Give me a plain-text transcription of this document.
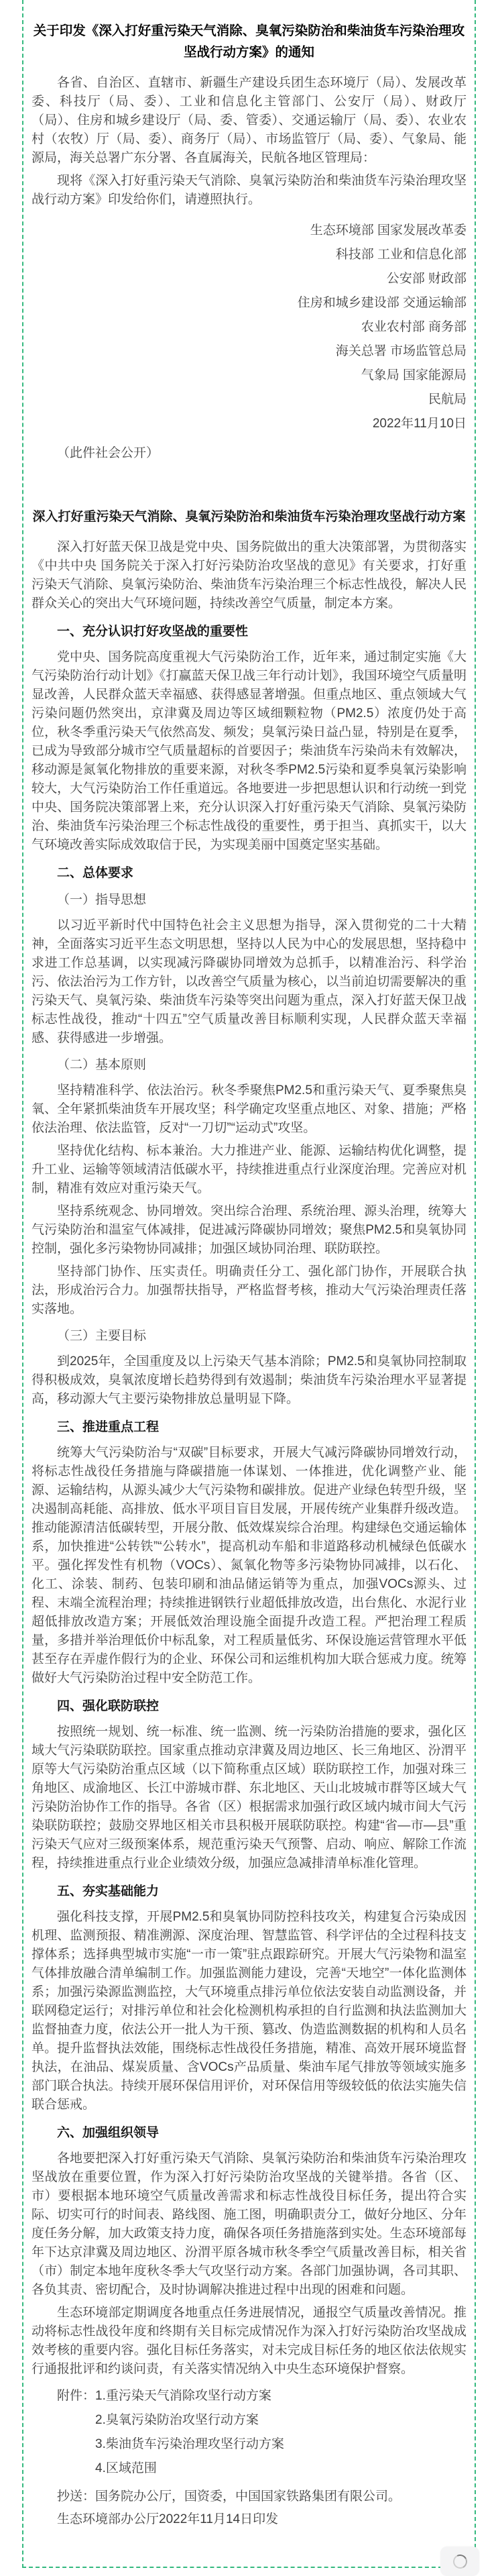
关于印发《深入打好重污染天气消除、臭氧污染防治和柴油货车污染治理攻坚战行动方案》的通知
各省、自治区、直辖市、新疆生产建设兵团生态环境厅（局）、发展改革委、科技厅（局、委）、工业和信息化主管部门、公安厅（局）、财政厅（局）、住房和城乡建设厅（局、委、管委）、交通运输厅（局、委）、农业农村（农牧）厅（局、委）、商务厅（局）、市场监管厅（局、委）、气象局、能源局，海关总署广东分署、各直属海关，民航各地区管理局：
现将《深入打好重污染天气消除、臭氧污染防治和柴油货车污染治理攻坚战行动方案》印发给你们，请遵照执行。
生态环境部 国家发展改革委
科技部 工业和信息化部
公安部 财政部
住房和城乡建设部 交通运输部
农业农村部 商务部
海关总署 市场监管总局
气象局 国家能源局
民航局
2022年11月10日
（此件社会公开）
深入打好重污染天气消除、臭氧污染防治和柴油货车污染治理攻坚战行动方案
深入打好蓝天保卫战是党中央、国务院做出的重大决策部署，为贯彻落实《中共中央 国务院关于深入打好污染防治攻坚战的意见》有关要求，打好重污染天气消除、臭氧污染防治、柴油货车污染治理三个标志性战役，解决人民群众关心的突出大气环境问题，持续改善空气质量，制定本方案。
一、充分认识打好攻坚战的重要性
党中央、国务院高度重视大气污染防治工作，近年来，通过制定实施《大气污染防治行动计划》《打赢蓝天保卫战三年行动计划》，我国环境空气质量明显改善，人民群众蓝天幸福感、获得感显著增强。但重点地区、重点领域大气污染问题仍然突出，京津冀及周边等区域细颗粒物（PM2.5）浓度仍处于高位，秋冬季重污染天气依然高发、频发；臭氧污染日益凸显，特别是在夏季，已成为导致部分城市空气质量超标的首要因子；柴油货车污染尚未有效解决，移动源是氮氧化物排放的重要来源，对秋冬季PM2.5污染和夏季臭氧污染影响较大，大气污染防治工作任重道远。各地要进一步把思想认识和行动统一到党中央、国务院决策部署上来，充分认识深入打好重污染天气消除、臭氧污染防治、柴油货车污染治理三个标志性战役的重要性，勇于担当、真抓实干，以大气环境改善实际成效取信于民，为实现美丽中国奠定坚实基础。
二、总体要求
（一）指导思想
以习近平新时代中国特色社会主义思想为指导，深入贯彻党的二十大精神，全面落实习近平生态文明思想，坚持以人民为中心的发展思想，坚持稳中求进工作总基调，以实现减污降碳协同增效为总抓手，以精准治污、科学治污、依法治污为工作方针，以改善空气质量为核心，以当前迫切需要解决的重污染天气、臭氧污染、柴油货车污染等突出问题为重点，深入打好蓝天保卫战标志性战役，推动“十四五”空气质量改善目标顺利实现，人民群众蓝天幸福感、获得感进一步增强。
（二）基本原则
坚持精准科学、依法治污。秋冬季聚焦PM2.5和重污染天气、夏季聚焦臭氧、全年紧抓柴油货车开展攻坚；科学确定攻坚重点地区、对象、措施；严格依法治理、依法监管，反对“一刀切”“运动式”攻坚。
坚持优化结构、标本兼治。大力推进产业、能源、运输结构优化调整，提升工业、运输等领域清洁低碳水平，持续推进重点行业深度治理。完善应对机制，精准有效应对重污染天气。
坚持系统观念、协同增效。突出综合治理、系统治理、源头治理，统筹大气污染防治和温室气体减排，促进减污降碳协同增效；聚焦PM2.5和臭氧协同控制，强化多污染物协同减排；加强区域协同治理、联防联控。
坚持部门协作、压实责任。明确责任分工、强化部门协作，开展联合执法，形成治污合力。加强帮扶指导，严格监督考核，推动大气污染治理责任落实落地。
（三）主要目标
到2025年，全国重度及以上污染天气基本消除；PM2.5和臭氧协同控制取得积极成效，臭氧浓度增长趋势得到有效遏制；柴油货车污染治理水平显著提高，移动源大气主要污染物排放总量明显下降。
三、推进重点工程
统筹大气污染防治与“双碳”目标要求，开展大气减污降碳协同增效行动，将标志性战役任务措施与降碳措施一体谋划、一体推进，优化调整产业、能源、运输结构，从源头减少大气污染物和碳排放。促进产业绿色转型升级，坚决遏制高耗能、高排放、低水平项目盲目发展，开展传统产业集群升级改造。推动能源清洁低碳转型，开展分散、低效煤炭综合治理。构建绿色交通运输体系，加快推进“公转铁”“公转水”，提高机动车船和非道路移动机械绿色低碳水平。强化挥发性有机物（VOCs）、氮氧化物等多污染物协同减排，以石化、化工、涂装、制药、包装印刷和油品储运销等为重点，加强VOCs源头、过程、末端全流程治理；持续推进钢铁行业超低排放改造，出台焦化、水泥行业超低排放改造方案；开展低效治理设施全面提升改造工程。严把治理工程质量，多措并举治理低价中标乱象，对工程质量低劣、环保设施运营管理水平低甚至存在弄虚作假行为的企业、环保公司和运维机构加大联合惩戒力度。统筹做好大气污染防治过程中安全防范工作。
四、强化联防联控
按照统一规划、统一标准、统一监测、统一污染防治措施的要求，强化区域大气污染联防联控。国家重点推动京津冀及周边地区、长三角地区、汾渭平原等大气污染防治重点区域（以下简称重点区域）联防联控工作，加强对珠三角地区、成渝地区、长江中游城市群、东北地区、天山北坡城市群等区域大气污染防治协作工作的指导。各省（区）根据需求加强行政区域内城市间大气污染联防联控；鼓励交界地区相关市县积极开展联防联控。构建“省—市—县”重污染天气应对三级预案体系，规范重污染天气预警、启动、响应、解除工作流程，持续推进重点行业企业绩效分级，加强应急减排清单标准化管理。
五、夯实基础能力
强化科技支撑，开展PM2.5和臭氧协同防控科技攻关，构建复合污染成因机理、监测预报、精准溯源、深度治理、智慧监管、科学评估的全过程科技支撑体系；选择典型城市实施“一市一策”驻点跟踪研究。开展大气污染物和温室气体排放融合清单编制工作。加强监测能力建设，完善“天地空”一体化监测体系；加强污染源监测监控，大气环境重点排污单位依法安装自动监测设备，并联网稳定运行；对排污单位和社会化检测机构承担的自行监测和执法监测加大监督抽查力度，依法公开一批人为干预、篡改、伪造监测数据的机构和人员名单。提升监督执法效能，围绕标志性战役任务措施，精准、高效开展环境监督执法，在油品、煤炭质量、含VOCs产品质量、柴油车尾气排放等领域实施多部门联合执法。持续开展环保信用评价，对环保信用等级较低的依法实施失信联合惩戒。
六、加强组织领导
各地要把深入打好重污染天气消除、臭氧污染防治和柴油货车污染治理攻坚战放在重要位置，作为深入打好污染防治攻坚战的关键举措。各省（区、市）要根据本地环境空气质量改善需求和标志性战役目标任务，提出符合实际、切实可行的时间表、路线图、施工图，明确职责分工，做好分地区、分年度任务分解，加大政策支持力度，确保各项任务措施落到实处。生态环境部每年下达京津冀及周边地区、汾渭平原各城市秋冬季空气质量改善目标，相关省（市）制定本地年度秋冬季大气攻坚行动方案。各部门加强协调，各司其职、各负其责、密切配合，及时协调解决推进过程中出现的困难和问题。
生态环境部定期调度各地重点任务进展情况，通报空气质量改善情况。推动将标志性战役年度和终期有关目标完成情况作为深入打好污染防治攻坚战成效考核的重要内容。强化目标任务落实，对未完成目标任务的地区依法依规实行通报批评和约谈问责，有关落实情况纳入中央生态环境保护督察。
附件：1.重污染天气消除攻坚行动方案
2.臭氧污染防治攻坚行动方案
3.柴油货车污染治理攻坚行动方案
4.区域范围
抄送：国务院办公厅，国资委，中国国家铁路集团有限公司。
生态环境部办公厅2022年11月14日印发
